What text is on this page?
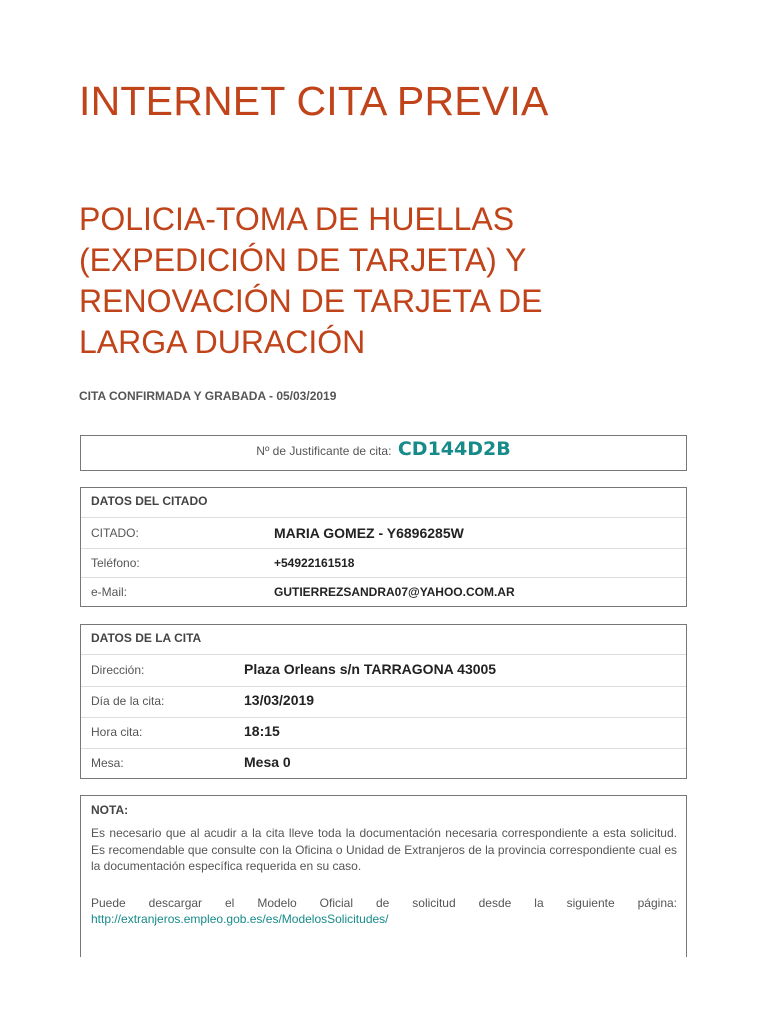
INTERNET CITA PREVIA
POLICIA-TOMA DE HUELLAS (EXPEDICIÓN DE TARJETA) Y RENOVACIÓN DE TARJETA DE LARGA DURACIÓN

CITA CONFIRMADA Y GRABADA - 05/03/2019

Nº de Justificante de cita: CD144D2B
DATOS DEL CITADO
CITADO:	MARIA GOMEZ - Y6896285W
Teléfono:	+54922161518
e-Mail:	GUTIERREZSANDRA07@YAHOO.COM.AR
DATOS DE LA CITA
Dirección:	Plaza Orleans s/n TARRAGONA 43005
Día de la cita:	13/03/2019
Hora cita:	18:15
Mesa:	Mesa 0
NOTA:

Es necesario que al acudir a la cita lleve toda la documentación necesaria correspondiente a esta solicitud. Es recomendable que consulte con la Oficina o Unidad de Extranjeros de la provincia correspondiente cual es la documentación específica requerida en su caso.

Puede descargar el Modelo Oficial de solicitud desde la siguiente página:

http://extranjeros.empleo.gob.es/es/ModelosSolicitudes/
